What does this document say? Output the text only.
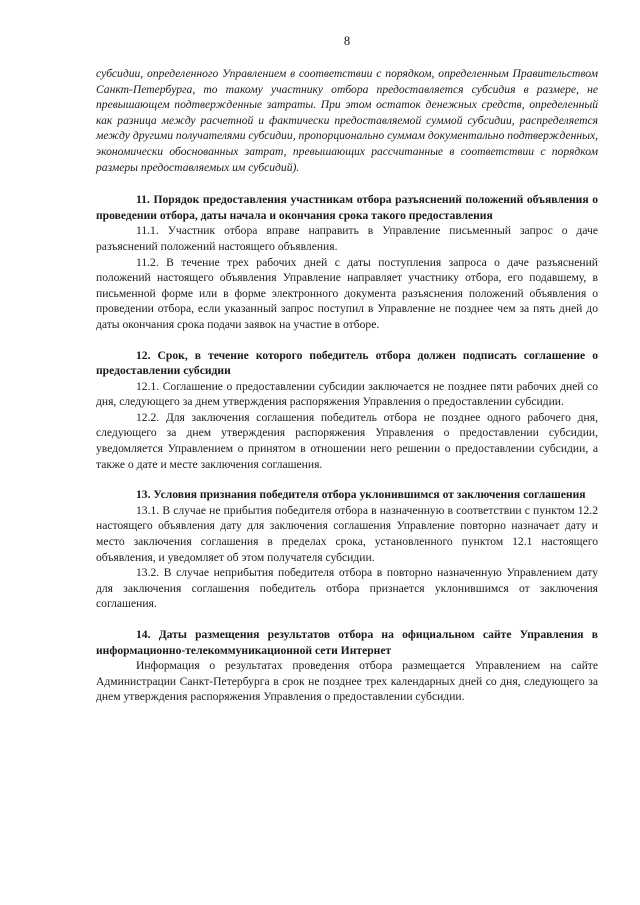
8

субсидии, определенного Управлением в соответствии с порядком, определенным Правительством Санкт-Петербурга, то такому участнику отбора предоставляется субсидия в размере, не превышающем подтвержденные затраты. При этом остаток денежных средств, определенный как разница между расчетной и фактически предоставляемой суммой субсидии, распределяется между другими получателями субсидии, пропорционально суммам документально подтвержденных, экономически обоснованных затрат, превышающих рассчитанные в соответствии с порядком размеры предоставляемых им субсидий).

11. Порядок предоставления участникам отбора разъяснений положений объявления о проведении отбора, даты начала и окончания срока такого предоставления

11.1. Участник отбора вправе направить в Управление письменный запрос о даче разъяснений положений настоящего объявления.

11.2. В течение трех рабочих дней с даты поступления запроса о даче разъяснений положений настоящего объявления Управление направляет участнику отбора, его подавшему, в письменной форме или в форме электронного документа разъяснения положений объявления о проведении отбора, если указанный запрос поступил в Управление не позднее чем за пять дней до даты окончания срока подачи заявок на участие в отборе.

12. Срок, в течение которого победитель отбора должен подписать соглашение о предоставлении субсидии

12.1. Соглашение о предоставлении субсидии заключается не позднее пяти рабочих дней со дня, следующего за днем утверждения распоряжения Управления о предоставлении субсидии.

12.2. Для заключения соглашения победитель отбора не позднее одного рабочего дня, следующего за днем утверждения распоряжения Управления о предоставлении субсидии, уведомляется Управлением о принятом в отношении него решении о предоставлении субсидии, а также о дате и месте заключения соглашения.

13. Условия признания победителя отбора уклонившимся от заключения соглашения

13.1. В случае не прибытия победителя отбора в назначенную в соответствии с пунктом 12.2 настоящего объявления дату для заключения соглашения Управление повторно назначает дату и место заключения соглашения в пределах срока, установленного пунктом 12.1 настоящего объявления, и уведомляет об этом получателя субсидии.

13.2. В случае неприбытия победителя отбора в повторно назначенную Управлением дату для заключения соглашения победитель отбора признается уклонившимся от заключения соглашения.

14. Даты размещения результатов отбора на официальном сайте Управления в информационно-телекоммуникационной сети Интернет

Информация о результатах проведения отбора размещается Управлением на сайте Администрации Санкт-Петербурга в срок не позднее трех календарных дней со дня, следующего за днем утверждения распоряжения Управления о предоставлении субсидии.
